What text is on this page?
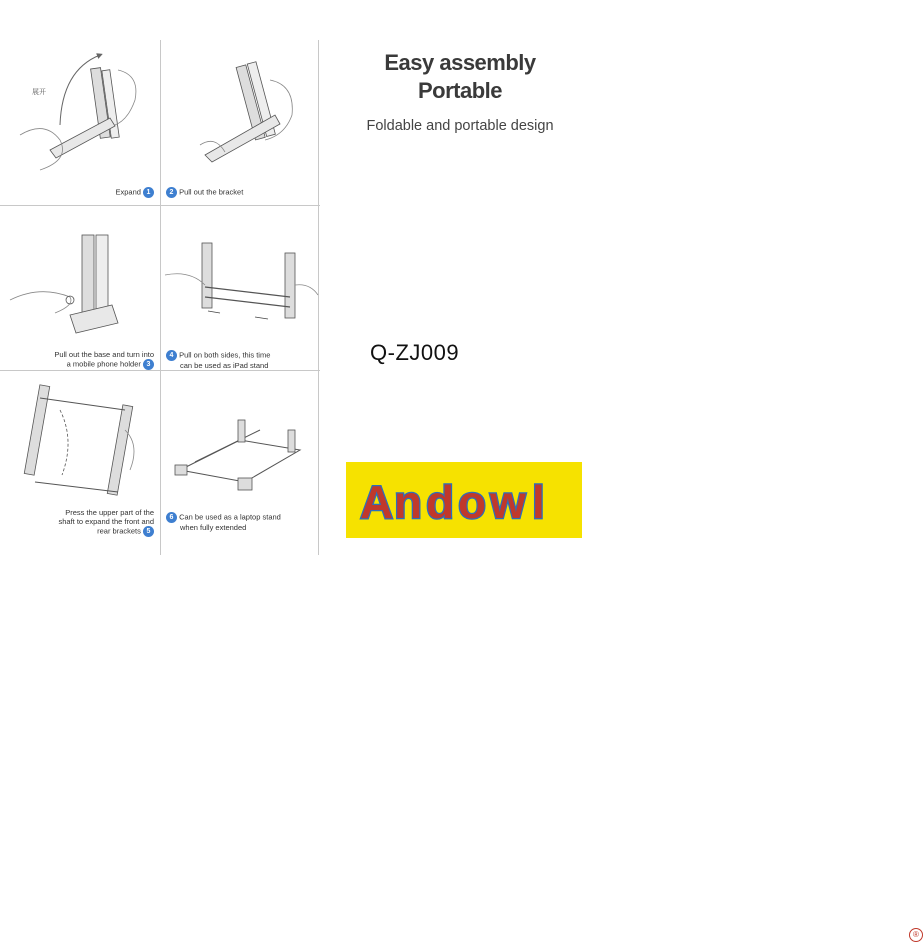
展开
Expand 1	2 Pull out the bracket
Pull out the base and turn into
a mobile phone holder 3
4 Pull on both sides, this time
can be used as iPad stand
Press the upper part of the
shaft to expand the front and
rear brackets 5
6 Can be used as a laptop stand
when fully extended
Easy assembly
Portable
Foldable and portable design
Q-ZJ009
A n d o w l
®
